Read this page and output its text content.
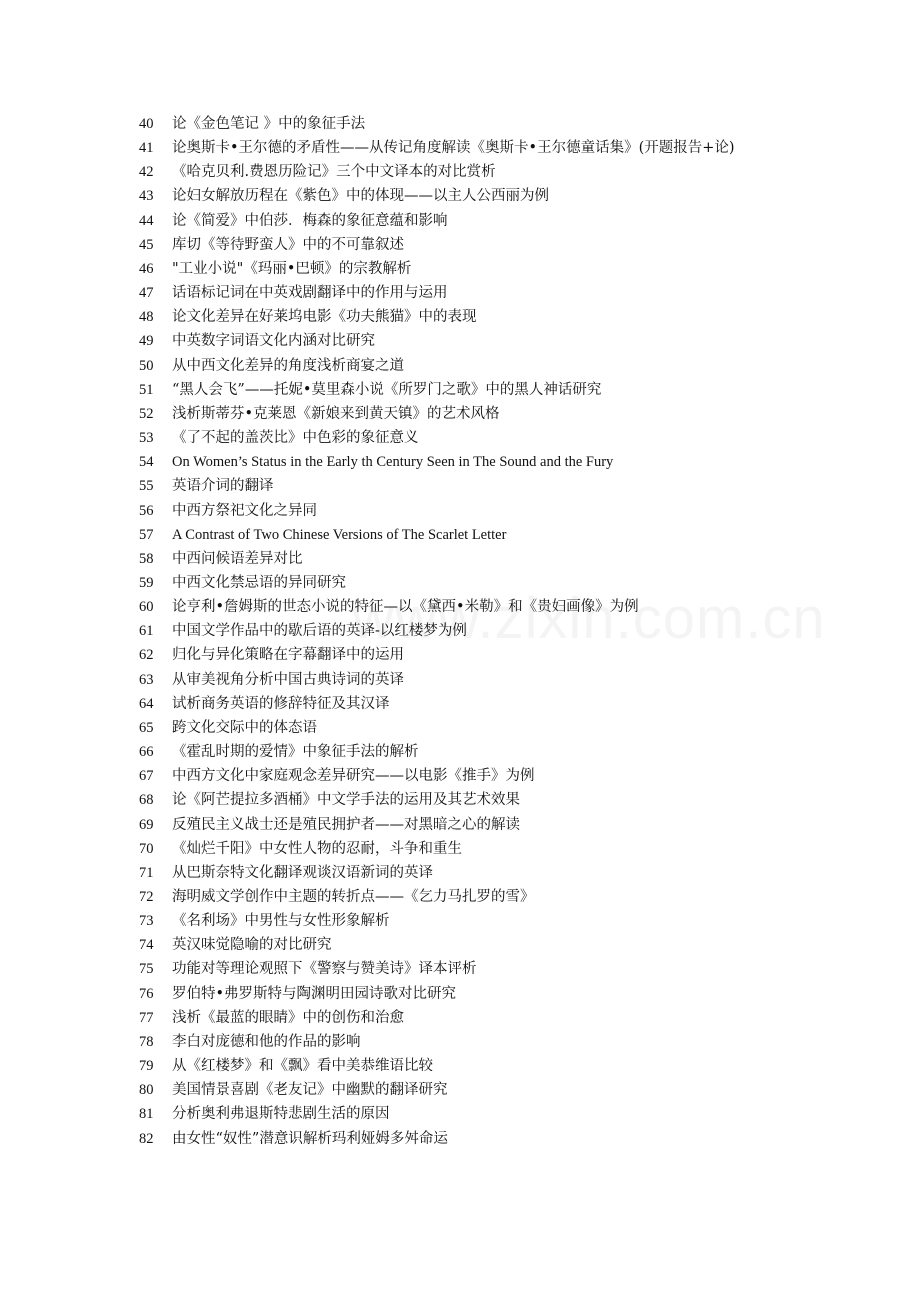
40 论《金色笔记 》中的象征手法
41 论奥斯卡•王尔德的矛盾性——从传记角度解读《奥斯卡•王尔德童话集》(开题报告+论)
42 《哈克贝利.费恩历险记》三个中文译本的对比赏析
43 论妇女解放历程在《紫色》中的体现——以主人公西丽为例
44 论《简爱》中伯莎．梅森的象征意蕴和影响
45 库切《等待野蛮人》中的不可靠叙述
46 "工业小说"《玛丽•巴顿》的宗教解析
47 话语标记词在中英戏剧翻译中的作用与运用
48 论文化差异在好莱坞电影《功夫熊猫》中的表现
49 中英数字词语文化内涵对比研究
50 从中西文化差异的角度浅析商宴之道
51 “黑人会飞”——托妮•莫里森小说《所罗门之歌》中的黑人神话研究
52 浅析斯蒂芬•克莱恩《新娘来到黄天镇》的艺术风格
53 《了不起的盖茨比》中色彩的象征意义
54 On Women’s Status in the Early th Century Seen in The Sound and the Fury
55 英语介词的翻译
56 中西方祭祀文化之异同
57 A Contrast of Two Chinese Versions of The Scarlet Letter
58 中西问候语差异对比
59 中西文化禁忌语的异同研究
60 论亨利•詹姆斯的世态小说的特征—以《黛西•米勒》和《贵妇画像》为例
61 中国文学作品中的歇后语的英译-以红楼梦为例
62 归化与异化策略在字幕翻译中的运用
63 从审美视角分析中国古典诗词的英译
64 试析商务英语的修辞特征及其汉译
65 跨文化交际中的体态语
66 《霍乱时期的爱情》中象征手法的解析
67 中西方文化中家庭观念差异研究——以电影《推手》为例
68 论《阿芒提拉多酒桶》中文学手法的运用及其艺术效果
69 反殖民主义战士还是殖民拥护者——对黑暗之心的解读
70 《灿烂千阳》中女性人物的忍耐，斗争和重生
71 从巴斯奈特文化翻译观谈汉语新词的英译
72 海明威文学创作中主题的转折点——《乞力马扎罗的雪》
73 《名利场》中男性与女性形象解析
74 英汉味觉隐喻的对比研究
75 功能对等理论观照下《警察与赞美诗》译本评析
76 罗伯特•弗罗斯特与陶渊明田园诗歌对比研究
77 浅析《最蓝的眼睛》中的创伤和治愈
78 李白对庞德和他的作品的影响
79 从《红楼梦》和《飘》看中美恭维语比较
80 美国情景喜剧《老友记》中幽默的翻译研究
81 分析奥利弗退斯特悲剧生活的原因
82 由女性“奴性”潜意识解析玛利娅姆多舛命运
